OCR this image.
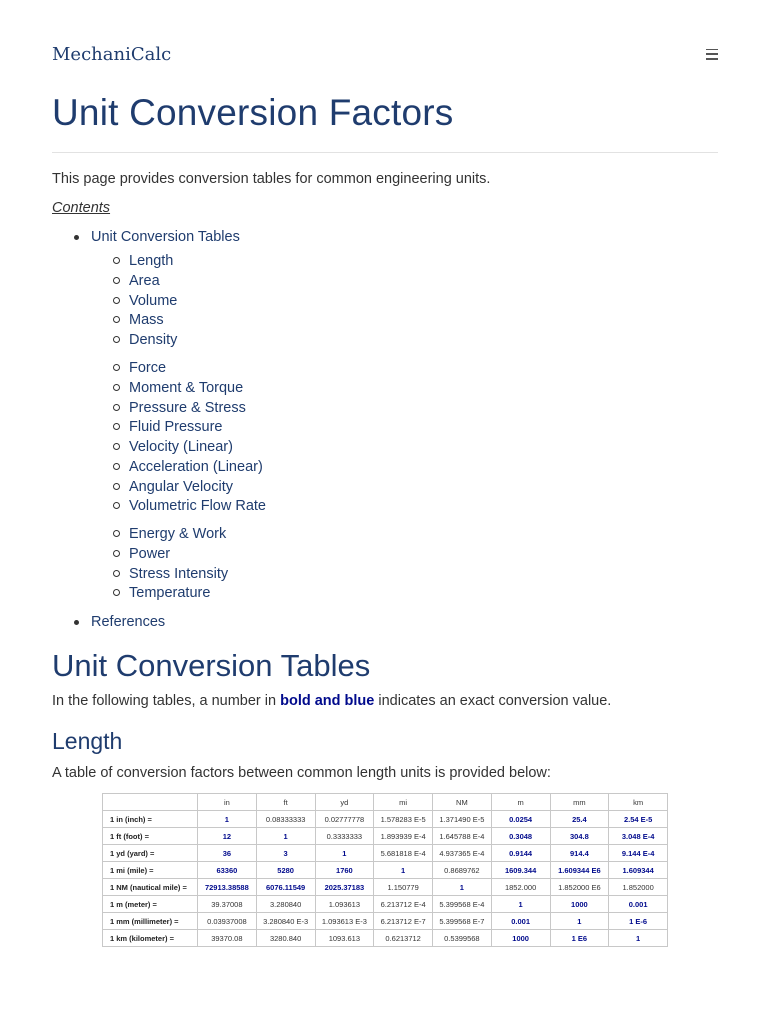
MechaniCalc
Unit Conversion Factors

This page provides conversion tables for common engineering units.

Contents
Unit Conversion Tables
Length
Area
Volume
Mass
Density
Force
Moment & Torque
Pressure & Stress
Fluid Pressure
Velocity (Linear)
Acceleration (Linear)
Angular Velocity
Volumetric Flow Rate
Energy & Work
Power
Stress Intensity
Temperature
References
Unit Conversion Tables

In the following tables, a number in bold and blue indicates an exact conversion value.

Length

A table of conversion factors between common length units is provided below:

	in	ft	yd	mi	NM	m	mm	km
1 in (inch) =	1	0.08333333	0.02777778	1.578283 E-5	1.371490 E-5	0.0254	25.4	2.54 E-5
1 ft (foot) =	12	1	0.3333333	1.893939 E-4	1.645788 E-4	0.3048	304.8	3.048 E-4
1 yd (yard) =	36	3	1	5.681818 E-4	4.937365 E-4	0.9144	914.4	9.144 E-4
1 mi (mile) =	63360	5280	1760	1	0.8689762	1609.344	1.609344 E6	1.609344
1 NM (nautical mile) =	72913.38588	6076.11549	2025.37183	1.150779	1	1852.000	1.852000 E6	1.852000
1 m (meter) =	39.37008	3.280840	1.093613	6.213712 E-4	5.399568 E-4	1	1000	0.001
1 mm (millimeter) =	0.03937008	3.280840 E-3	1.093613 E-3	6.213712 E-7	5.399568 E-7	0.001	1	1 E-6
1 km (kilometer) =	39370.08	3280.840	1093.613	0.6213712	0.5399568	1000	1 E6	1
